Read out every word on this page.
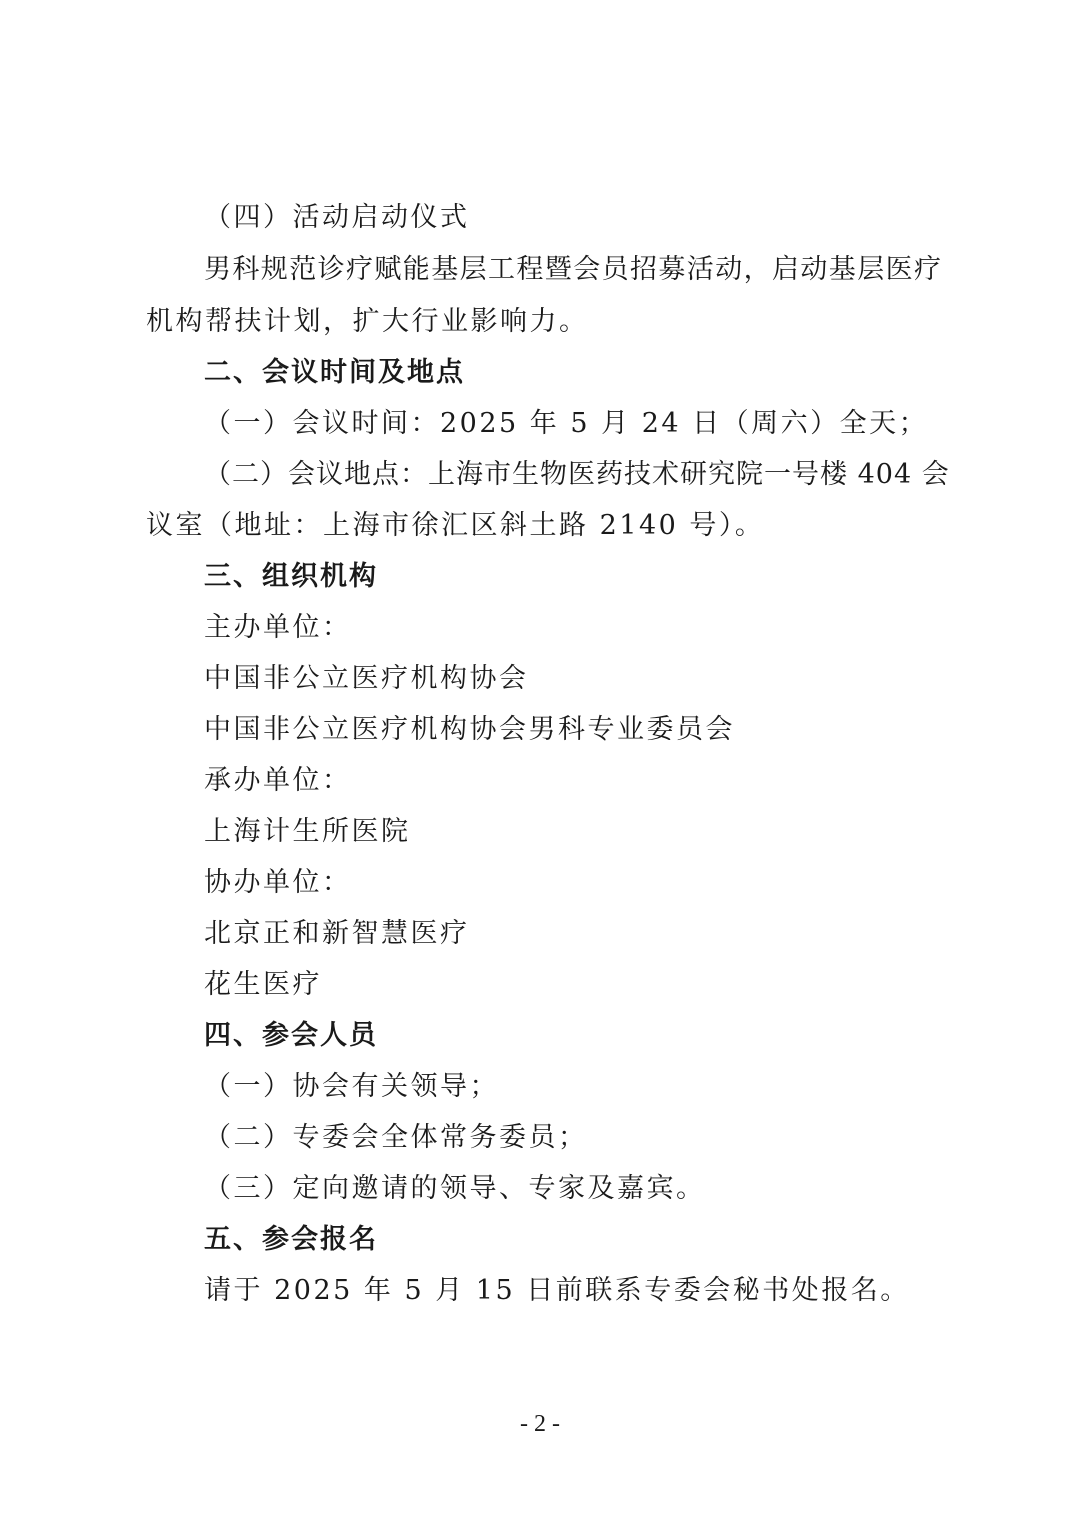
（四）活动启动仪式
男科规范诊疗赋能基层工程暨会员招募活动，启动基层医疗
机构帮扶计划，扩大行业影响力。
二、会议时间及地点
（一）会议时间：2025 年 5 月 24 日（周六）全天；
（二）会议地点：上海市生物医药技术研究院一号楼 404 会
议室（地址：上海市徐汇区斜土路 2140 号）。
三、组织机构
主办单位：
中国非公立医疗机构协会
中国非公立医疗机构协会男科专业委员会
承办单位：
上海计生所医院
协办单位：
北京正和新智慧医疗
花生医疗
四、参会人员
（一）协会有关领导；
（二）专委会全体常务委员；
（三）定向邀请的领导、专家及嘉宾。
五、参会报名
请于 2025 年 5 月 15 日前联系专委会秘书处报名。
- 2 -
